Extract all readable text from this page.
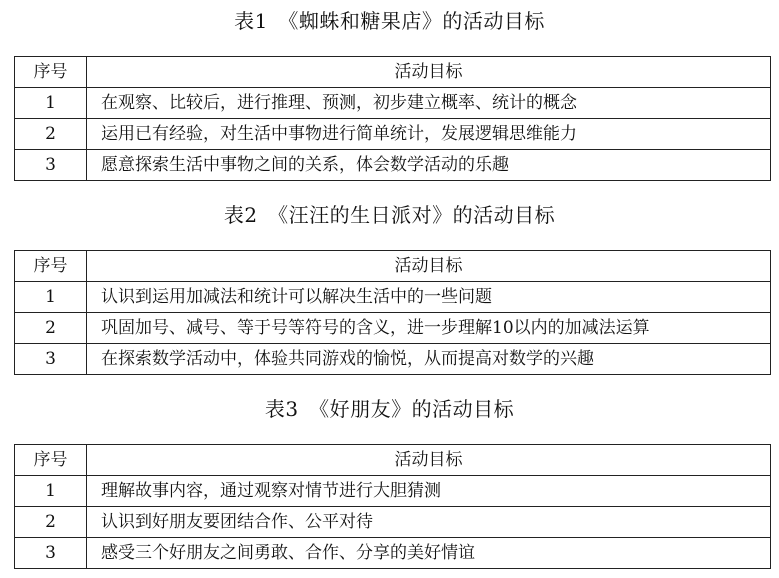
表1　《蜘蛛和糖果店》的活动目标
序号	活动目标
1	在观察、比较后，进行推理、预测，初步建立概率、统计的概念
2	运用已有经验，对生活中事物进行简单统计，发展逻辑思维能力
3	愿意探索生活中事物之间的关系，体会数学活动的乐趣
表2　《汪汪的生日派对》的活动目标
序号	活动目标
1	认识到运用加减法和统计可以解决生活中的一些问题
2	巩固加号、减号、等于号等符号的含义，进一步理解10以内的加减法运算
3	在探索数学活动中，体验共同游戏的愉悦，从而提高对数学的兴趣
表3　《好朋友》的活动目标
序号	活动目标
1	理解故事内容，通过观察对情节进行大胆猜测
2	认识到好朋友要团结合作、公平对待
3	感受三个好朋友之间勇敢、合作、分享的美好情谊
